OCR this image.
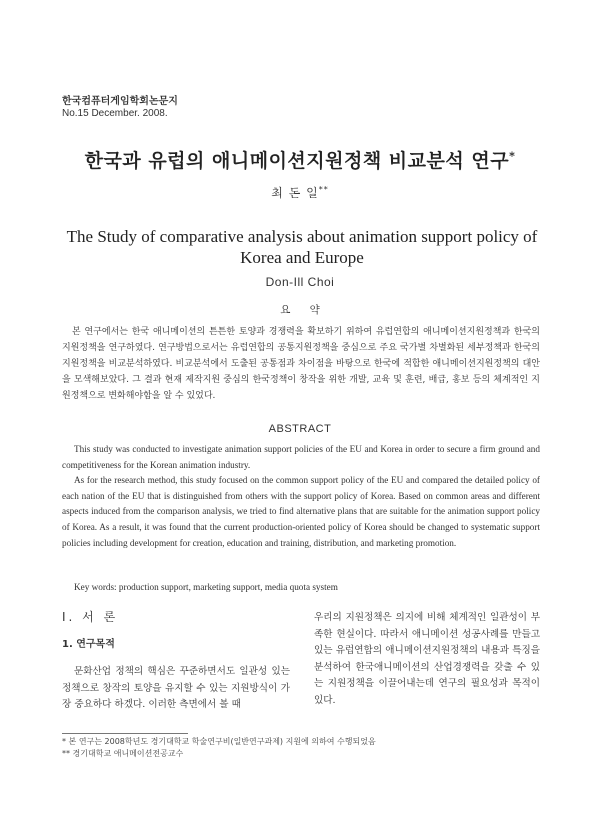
한국컴퓨터게임학회논문지
No.15 December. 2008.
한국과 유럽의 애니메이션지원정책 비교분석 연구*
최 돈 일**
The Study of comparative analysis about animation support policy of Korea and Europe
Don-Ill Choi
요 약
본 연구에서는 한국 애니메이션의 튼튼한 토양과 경쟁력을 확보하기 위하여 유럽연합의 애니메이션지원정책과 한국의 지원정책을 연구하였다. 연구방법으로서는 유럽연합의 공통지원정책을 중심으로 주요 국가별 차별화된 세부정책과 한국의 지원정책을 비교분석하였다. 비교분석에서 도출된 공통점과 차이점을 바탕으로 한국에 적합한 애니메이션지원정책의 대안을 모색해보았다. 그 결과 현재 제작지원 중심의 한국정책이 창작을 위한 개발, 교육 및 훈련, 배급, 홍보 등의 체계적인 지원정책으로 변화해야함을 알 수 있었다.
ABSTRACT

This study was conducted to investigate animation support policies of the EU and Korea in order to secure a firm ground and competitiveness for the Korean animation industry.

As for the research method, this study focused on the common support policy of the EU and compared the detailed policy of each nation of the EU that is distinguished from others with the support policy of Korea. Based on common areas and different aspects induced from the comparison analysis, we tried to find alternative plans that are suitable for the animation support policy of Korea. As a result, it was found that the current production-oriented policy of Korea should be changed to systematic support policies including development for creation, education and training, distribution, and marketing promotion.

Key words: production support, marketing support, media quota system
Ⅰ. 서 론
1. 연구목적

문화산업 정책의 핵심은 꾸준하면서도 일관성 있는 정책으로 창작의 토양을 유지할 수 있는 지원방식이 가장 중요하다 하겠다. 이러한 측면에서 볼 때

우리의 지원정책은 의지에 비해 체계적인 일관성이 부족한 현실이다. 따라서 애니메이션 성공사례를 만들고 있는 유럽연합의 애니메이션지원정책의 내용과 특징을 분석하여 한국애니메이션의 산업경쟁력을 갖출 수 있는 지원정책을 이끌어내는데 연구의 필요성과 목적이 있다.

* 본 연구는 2008학년도 경기대학교 학술연구비(일반연구과제) 지원에 의하여 수행되었음
** 경기대학교 애니메이션전공교수
